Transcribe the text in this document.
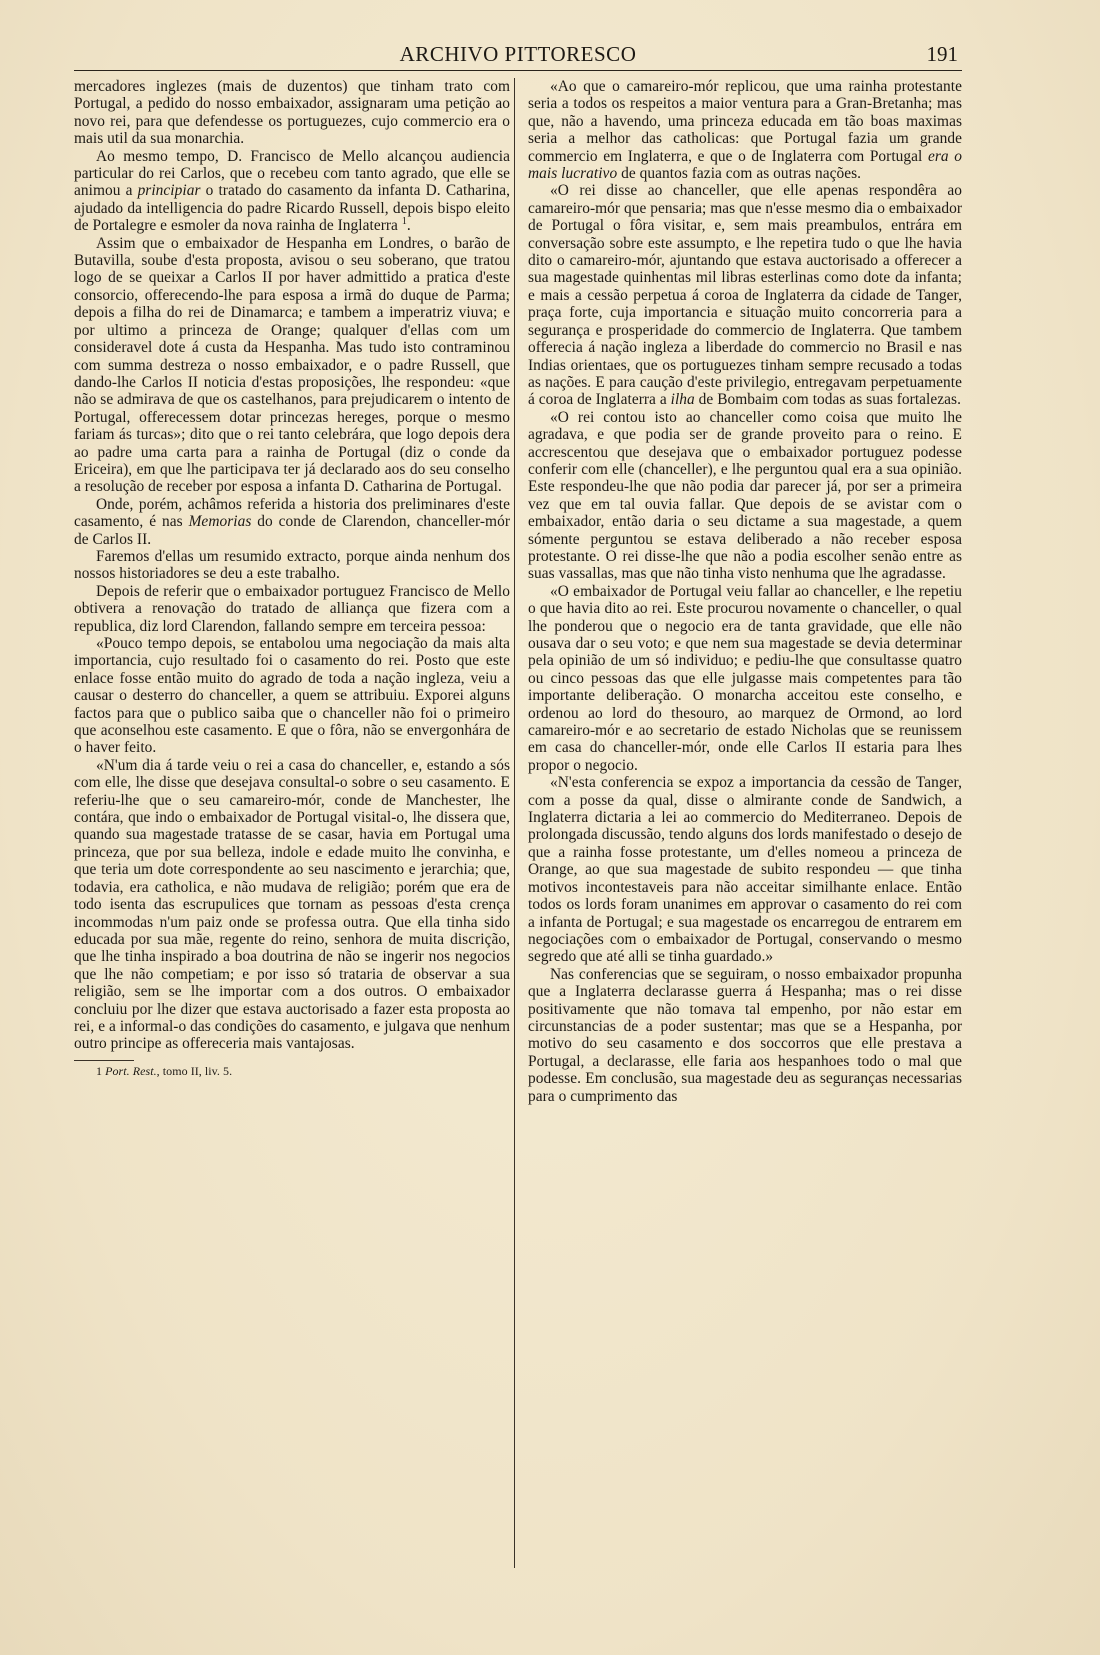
ARCHIVO PITTORESCO	191

mercadores inglezes (mais de duzentos) que tinham trato com Portugal, a pedido do nosso embaixador, assignaram uma petição ao novo rei, para que defendesse os portuguezes, cujo commercio era o mais util da sua monarchia.

Ao mesmo tempo, D. Francisco de Mello alcançou audiencia particular do rei Carlos, que o recebeu com tanto agrado, que elle se animou a principiar o tratado do casamento da infanta D. Catharina, ajudado da intelligencia do padre Ricardo Russell, depois bispo eleito de Portalegre e esmoler da nova rainha de Inglaterra $^1$.

Assim que o embaixador de Hespanha em Londres, o barão de Butavilla, soube d'esta proposta, avisou o seu soberano, que tratou logo de se queixar a Carlos II por haver admittido a pratica d'este consorcio, offerecendo-lhe para esposa a irmã do duque de Parma; depois a filha do rei de Dinamarca; e tambem a imperatriz viuva; e por ultimo a princeza de Orange; qualquer d'ellas com um consideravel dote á custa da Hespanha. Mas tudo isto contraminou com summa destreza o nosso embaixador, e o padre Russell, que dando-lhe Carlos II noticia d'estas proposições, lhe respondeu: «que não se admirava de que os castelhanos, para prejudicarem o intento de Portugal, offerecessem dotar princezas hereges, porque o mesmo fariam ás turcas»; dito que o rei tanto celebrára, que logo depois dera ao padre uma carta para a rainha de Portugal (diz o conde da Ericeira), em que lhe participava ter já declarado aos do seu conselho a resolução de receber por esposa a infanta D. Catharina de Portugal.

Onde, porém, achâmos referida a historia dos preliminares d'este casamento, é nas Memorias do conde de Clarendon, chanceller-mór de Carlos II.

Faremos d'ellas um resumido extracto, porque ainda nenhum dos nossos historiadores se deu a este trabalho.

Depois de referir que o embaixador portuguez Francisco de Mello obtivera a renovação do tratado de alliança que fizera com a republica, diz lord Clarendon, fallando sempre em terceira pessoa:

«Pouco tempo depois, se entabolou uma negociação da mais alta importancia, cujo resultado foi o casamento do rei. Posto que este enlace fosse então muito do agrado de toda a nação ingleza, veiu a causar o desterro do chanceller, a quem se attribuiu. Exporei alguns factos para que o publico saiba que o chanceller não foi o primeiro que aconselhou este casamento. E que o fôra, não se envergonhára de o haver feito.

«N'um dia á tarde veiu o rei a casa do chanceller, e, estando a sós com elle, lhe disse que desejava consultal-o sobre o seu casamento. E referiu-lhe que o seu camareiro-mór, conde de Manchester, lhe contára, que indo o embaixador de Portugal visital-o, lhe dissera que, quando sua magestade tratasse de se casar, havia em Portugal uma princeza, que por sua belleza, indole e edade muito lhe convinha, e que teria um dote correspondente ao seu nascimento e jerarchia; que, todavia, era catholica, e não mudava de religião; porém que era de todo isenta das escrupulices que tornam as pessoas d'esta crença incommodas n'um paiz onde se professa outra. Que ella tinha sido educada por sua mãe, regente do reino, senhora de muita discrição, que lhe tinha inspirado a boa doutrina de não se ingerir nos negocios que lhe não competiam; e por isso só trataria de observar a sua religião, sem se lhe importar com a dos outros. O embaixador concluiu por lhe dizer que estava auctorisado a fazer esta proposta ao rei, e a informal-o das condições do casamento, e julgava que nenhum outro principe as offereceria mais vantajosas.

1 Port. Rest., tomo II, liv. 5.

«Ao que o camareiro-mór replicou, que uma rainha protestante seria a todos os respeitos a maior ventura para a Gran-Bretanha; mas que, não a havendo, uma princeza educada em tão boas maximas seria a melhor das catholicas: que Portugal fazia um grande commercio em Inglaterra, e que o de Inglaterra com Portugal era o mais lucrativo de quantos fazia com as outras nações.

«O rei disse ao chanceller, que elle apenas respondêra ao camareiro-mór que pensaria; mas que n'esse mesmo dia o embaixador de Portugal o fôra visitar, e, sem mais preambulos, entrára em conversação sobre este assumpto, e lhe repetira tudo o que lhe havia dito o camareiro-mór, ajuntando que estava auctorisado a offerecer a sua magestade quinhentas mil libras esterlinas como dote da infanta; e mais a cessão perpetua á coroa de Inglaterra da cidade de Tanger, praça forte, cuja importancia e situação muito concorreria para a segurança e prosperidade do commercio de Inglaterra. Que tambem offerecia á nação ingleza a liberdade do commercio no Brasil e nas Indias orientaes, que os portuguezes tinham sempre recusado a todas as nações. E para caução d'este privilegio, entregavam perpetuamente á coroa de Inglaterra a ilha de Bombaim com todas as suas fortalezas.

«O rei contou isto ao chanceller como coisa que muito lhe agradava, e que podia ser de grande proveito para o reino. E accrescentou que desejava que o embaixador portuguez podesse conferir com elle (chanceller), e lhe perguntou qual era a sua opinião. Este respondeu-lhe que não podia dar parecer já, por ser a primeira vez que em tal ouvia fallar. Que depois de se avistar com o embaixador, então daria o seu dictame a sua magestade, a quem sómente perguntou se estava deliberado a não receber esposa protestante. O rei disse-lhe que não a podia escolher senão entre as suas vassallas, mas que não tinha visto nenhuma que lhe agradasse.

«O embaixador de Portugal veiu fallar ao chanceller, e lhe repetiu o que havia dito ao rei. Este procurou novamente o chanceller, o qual lhe ponderou que o negocio era de tanta gravidade, que elle não ousava dar o seu voto; e que nem sua magestade se devia determinar pela opinião de um só individuo; e pediu-lhe que consultasse quatro ou cinco pessoas das que elle julgasse mais competentes para tão importante deliberação. O monarcha acceitou este conselho, e ordenou ao lord do thesouro, ao marquez de Ormond, ao lord camareiro-mór e ao secretario de estado Nicholas que se reunissem em casa do chanceller-mór, onde elle Carlos II estaria para lhes propor o negocio.

«N'esta conferencia se expoz a importancia da cessão de Tanger, com a posse da qual, disse o almirante conde de Sandwich, a Inglaterra dictaria a lei ao commercio do Mediterraneo. Depois de prolongada discussão, tendo alguns dos lords manifestado o desejo de que a rainha fosse protestante, um d'elles nomeou a princeza de Orange, ao que sua magestade de subito respondeu — que tinha motivos incontestaveis para não acceitar similhante enlace. Então todos os lords foram unanimes em approvar o casamento do rei com a infanta de Portugal; e sua magestade os encarregou de entrarem em negociações com o embaixador de Portugal, conservando o mesmo segredo que até alli se tinha guardado.»

Nas conferencias que se seguiram, o nosso embaixador propunha que a Inglaterra declarasse guerra á Hespanha; mas o rei disse positivamente que não tomava tal empenho, por não estar em circunstancias de a poder sustentar; mas que se a Hespanha, por motivo do seu casamento e dos soccorros que elle prestava a Portugal, a declarasse, elle faria aos hespanhoes todo o mal que podesse. Em conclusão, sua magestade deu as seguranças necessarias para o cumprimento das
